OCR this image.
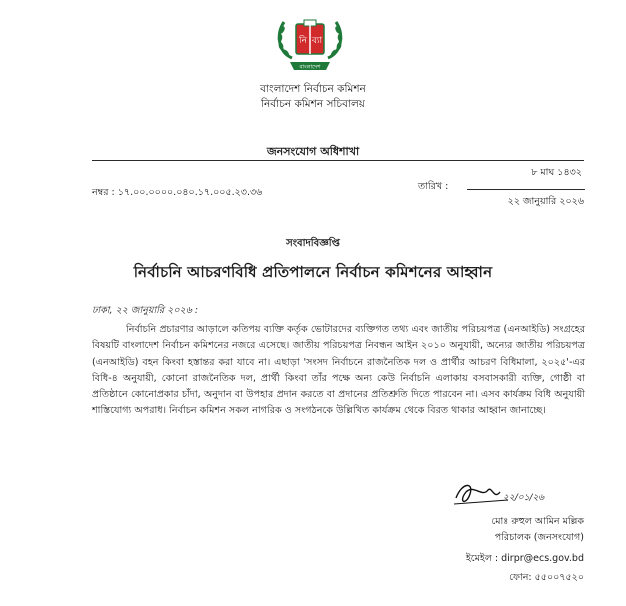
নি ব্যা
বাংলাদেশ
বাংলাদেশ নির্বাচন কমিশন
নির্বাচন কমিশন সচিবালয়
জনসংযোগ অধিশাখা
৮ মাঘ ১৪৩২
তারিখ :
নম্বর : ১৭.০০.০০০০.০৪০.১৭.০০৫.২৩.৩৬
২২ জানুয়ারি ২০২৬
সংবাদবিজ্ঞপ্তি
নির্বাচনি আচরণবিধি প্রতিপালনে নির্বাচন কমিশনের আহ্বান
ঢাকা, ২২ জানুয়ারি ২০২৬ :
নির্বাচনি প্রচারণার আড়ালে কতিপয় ব্যক্তি কর্তৃক ভোটারদের ব্যক্তিগত তথ্য এবং জাতীয় পরিচয়পত্র (এনআইডি) সংগ্রহের বিষয়টি বাংলাদেশ নির্বাচন কমিশনের নজরে এসেছে। জাতীয় পরিচয়পত্র নিবন্ধন আইন ২০১০ অনুযায়ী, অন্যের জাতীয় পরিচয়পত্র (এনআইডি) বহন কিংবা হস্তান্তর করা যাবে না। এছাড়া 'সংসদ নির্বাচনে রাজনৈতিক দল ও প্রার্থীর আচরণ বিধিমালা, ২০২৫'-এর বিধি-৪ অনুযায়ী, কোনো রাজনৈতিক দল, প্রার্থী কিংবা তাঁর পক্ষে অন্য কেউ নির্বাচনি এলাকায় বসবাসকারী ব্যক্তি, গোষ্ঠী বা প্রতিষ্ঠানে কোনোপ্রকার চাঁদা, অনুদান বা উপহার প্রদান করতে বা প্রদানের প্রতিশ্রুতি দিতে পারবেন না। এসব কার্যক্রম বিধি অনুযায়ী শাস্তিযোগ্য অপরাধ। নির্বাচন কমিশন সকল নাগরিক ও সংগঠনকে উল্লিখিত কার্যক্রম থেকে বিরত থাকার আহ্বান জানাচ্ছে।
২২/০১/২৬
মোঃ রুহুল আমিন মল্লিক
পরিচালক (জনসংযোগ)
ইমেইল : dirpr@ecs.gov.bd
ফোন: ৫৫০০৭৫২০
